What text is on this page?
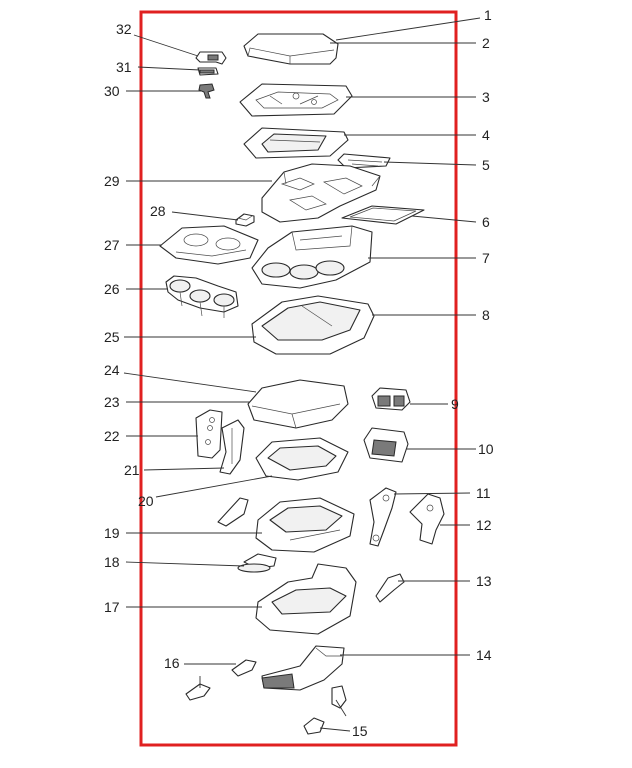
1
2
3
4
5
6
7
8
9
10
11
12
13
14
15
16
17
18
19
20
21
22
23
24
25
26
27
28
29
30
31
32
